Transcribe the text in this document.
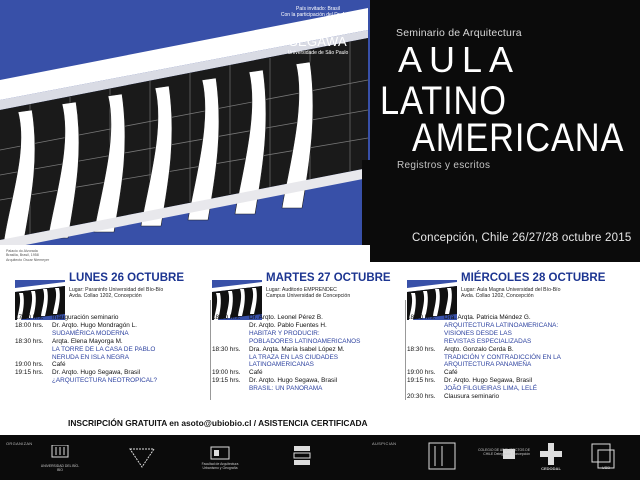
País invitado: Brasil
Con la participación del Dr. Arqto.
HUGO SEGAWA
Universidade de São Paulo
Palacio do Alvorada
Brasilia, Brasil, 1958
Arquitecto Oscar Niemeyer
Seminario de Arquitectura
AULA
LATINO
AMERICANA
Registros y escritos
Concepción, Chile 26/27/28 octubre 2015
LUNES 26 OCTUBRE
Lugar: Paraninfo Universidad del Bío-Bío
Avda. Collao 1202, Concepción
17:30 hrs.	Inauguración seminario
18:00 hrs.	Dr. Arqto. Hugo Mondragón L.
SUDAMÉRICA MODERNA
18:30 hrs.	Arqta. Elena Mayorga M.
LA TORRE DE LA CASA DE PABLO
NERUDA EN ISLA NEGRA
19:00 hrs.	Café
19:15 hrs.	Dr. Arqto. Hugo Segawa, Brasil
¿ARQUITECTURA NEOTROPICAL?
MARTES 27 OCTUBRE
Lugar: Auditorio EMPRENDEC
Campus Universidad de Concepción
18:00 hrs.	Dr. Arqto. Leonel Pérez B.
Dr. Arqto. Pablo Fuentes H.
HABITAR Y PRODUCIR:
POBLADORES LATINOAMERICANOS
18:30 hrs.	Dra. Arqta. María Isabel López M.
LA TRAZA EN LAS CIUDADES
LATINOAMERICANAS
19:00 hrs.	Café
19:15 hrs.	Dr. Arqto. Hugo Segawa, Brasil
BRASIL: UN PANORAMA
MIÉRCOLES 28 OCTUBRE
Lugar: Aula Magna Universidad del Bío-Bío
Avda. Collao 1202, Concepción
18:00 hrs.	Dra. Arqta. Patricia Méndez G.
ARQUITECTURA LATINOAMERICANA:
VISIONES DESDE LAS
REVISTAS ESPECIALIZADAS
18:30 hrs.	Arqto. Gonzalo Cerda B.
TRADICIÓN Y CONTRADICCIÓN EN LA
ARQUITECTURA PANAMEÑA
19:00 hrs.	Café
19:15 hrs.	Dr. Arqto. Hugo Segawa, Brasil
JOÃO FILGUEIRAS LIMA, LELÉ
20:30 hrs.	Clausura seminario
INSCRIPCIÓN GRATUITA en asoto@ubiobio.cl / ASISTENCIA CERTIFICADA
ORGANIZAN	AUSPICIAN
UNIVERSIDAD DEL BÍO-BÍO
Facultad de Arquitectura Urbanismo y Geografía
COLEGIO DE ARQUITECTOS DE CHILE Delegación Concepción
CEDODAL	UBB
